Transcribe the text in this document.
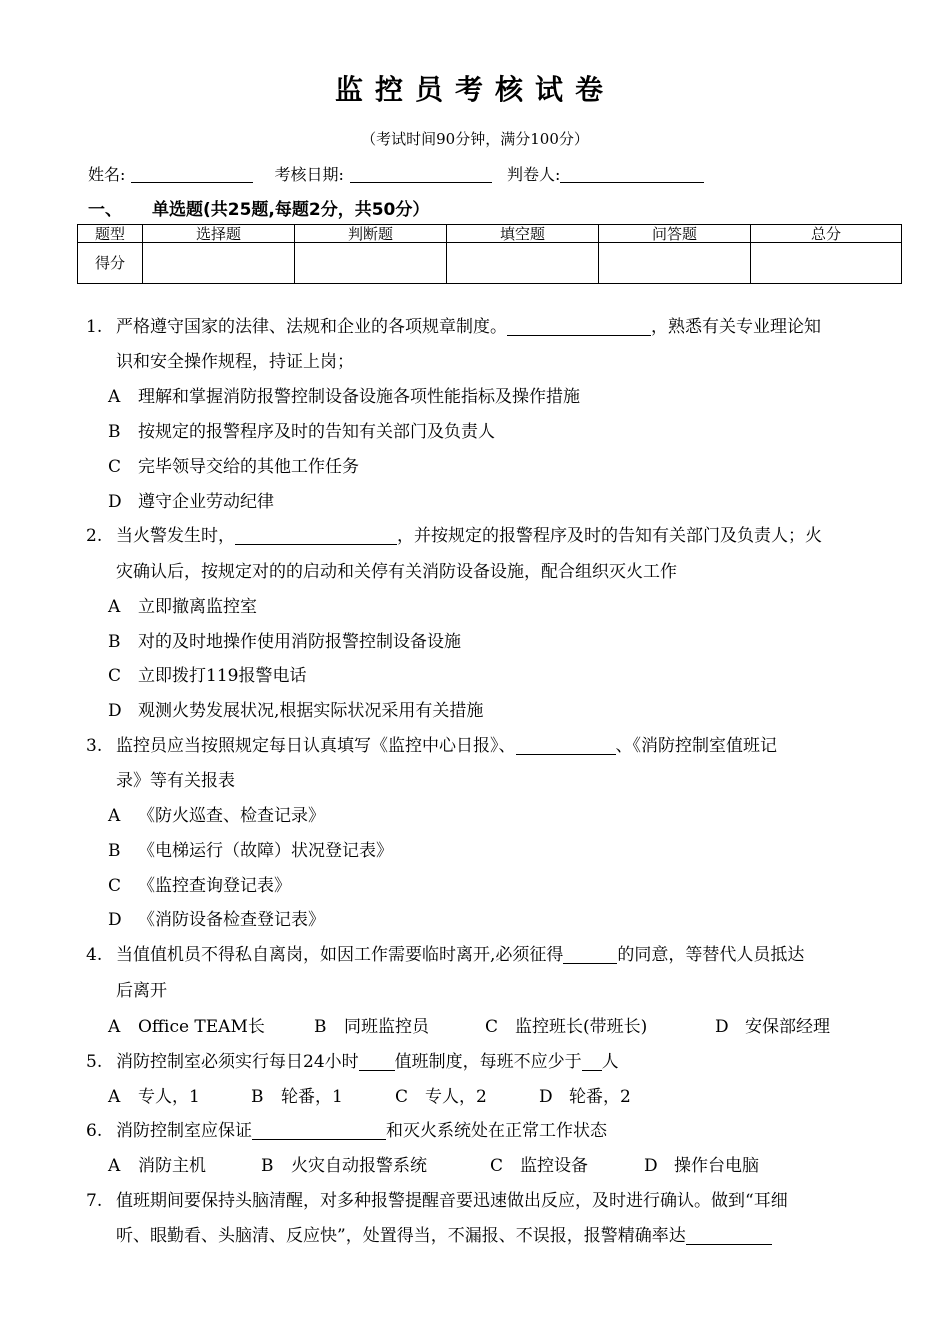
监控员考核试卷
（考试时间90分钟，满分100分）
姓名:	考核日期:	判卷人:
一、 单选题(共25题,每题2分，共50分）
题型	选择题	判断题	填空题	问答题	总分
得分					
1. 严格遵守国家的法律、法规和企业的各项规章制度。	，熟悉有关专业理论知
识和安全操作规程，持证上岗；
A 理解和掌握消防报警控制设备设施各项性能指标及操作措施
B 按规定的报警程序及时的告知有关部门及负责人
C 完毕领导交给的其他工作任务
D 遵守企业劳动纪律
2. 当火警发生时，	，并按规定的报警程序及时的告知有关部门及负责人；火
灾确认后，按规定对的的启动和关停有关消防设备设施，配合组织灭火工作
A 立即撤离监控室
B 对的及时地操作使用消防报警控制设备设施
C 立即拨打119报警电话
D 观测火势发展状况,根据实际状况采用有关措施
3. 监控员应当按照规定每日认真填写《监控中心日报》、	、《消防控制室值班记
录》等有关报表
A 《防火巡查、检查记录》
B 《电梯运行（故障）状况登记表》
C 《监控查询登记表》
D 《消防设备检查登记表》
4. 当值值机员不得私自离岗，如因工作需要临时离开,必须征得	的同意，等替代人员抵达
后离开
A Office TEAM长	B 同班监控员	C 监控班长(带班长)	D 安保部经理
5. 消防控制室必须实行每日24小时 值班制度，每班不应少于 人
A 专人，1	B 轮番，1	C 专人，2	D 轮番，2
6. 消防控制室应保证	和灭火系统处在正常工作状态
A 消防主机	B 火灾自动报警系统	C 监控设备	D 操作台电脑
7. 值班期间要保持头脑清醒，对多种报警提醒音要迅速做出反应，及时进行确认。做到“耳细
听、眼勤看、头脑清、反应快”，处置得当，不漏报、不误报，报警精确率达
